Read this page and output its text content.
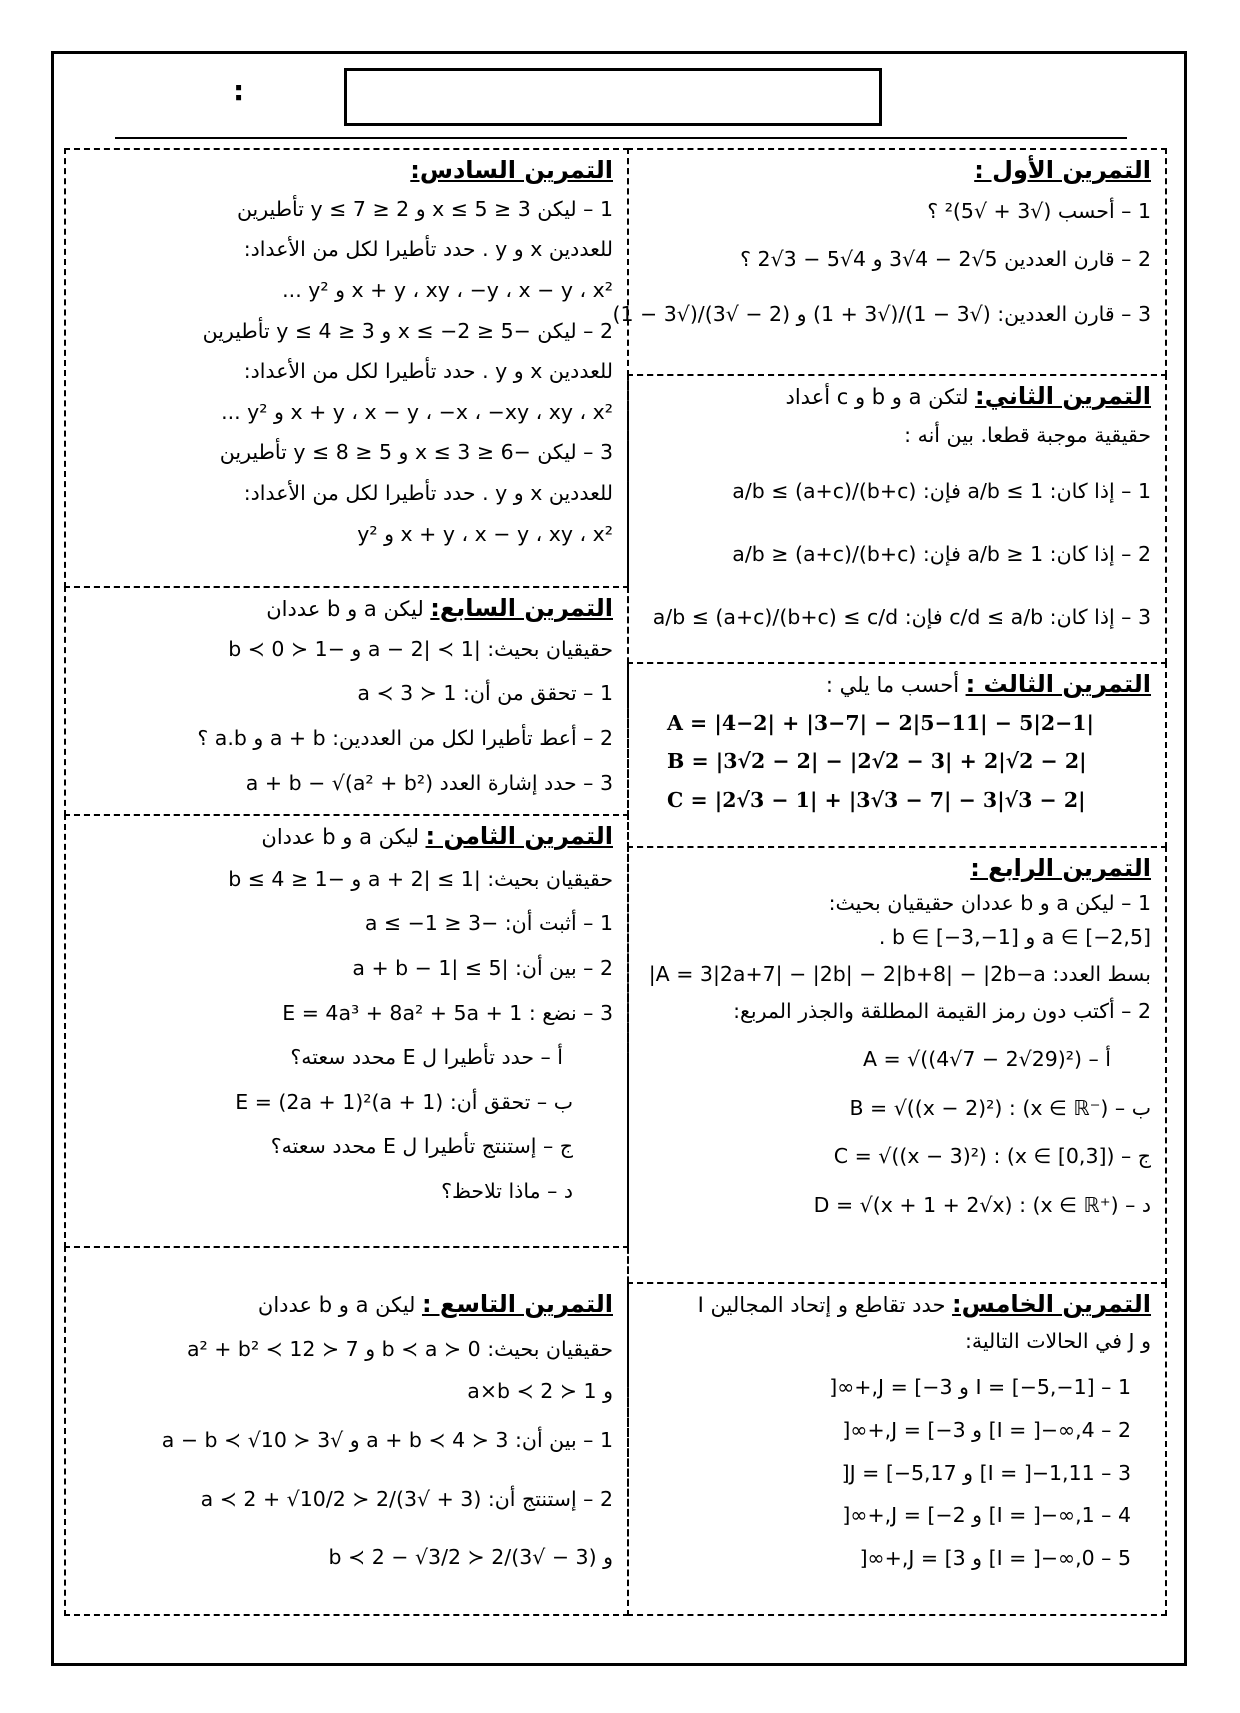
:

التمرين الأول :

1 – أحسب (√3 + √5)² ؟

2 – قارن العددين 5√2 − 4√3 و 4√5 − 3√2 ؟

3 – قارن العددين: (√3 − 1)/(√3 + 1) و (2 − √3)/(√3 − 1)

التمرين الثاني: لتكن a و b و c أعداد

حقيقية موجبة قطعا. بين أنه :

1 – إذا كان: a/b ≤ 1 فإن: a/b ≤ (a+c)/(b+c)

2 – إذا كان: a/b ≥ 1 فإن: a/b ≥ (a+c)/(b+c)

3 – إذا كان: c/d ≤ a/b فإن: a/b ≤ (a+c)/(b+c) ≤ c/d

التمرين الثالث : أحسب ما يلي :

A = |4−2| + |3−7| − 2|5−11| − 5|2−1|

B = |3√2 − 2| − |2√2 − 3| + 2|√2 − 2|

C = |2√3 − 1| + |3√3 − 7| − 3|√3 − 2|

التمرين الرابع :

1 – ليكن a و b عددان حقيقيان بحيث:

a ∈ [−2,5] و b ∈ [−3,−1] .

بسط العدد: A = 3|2a+7| − |2b| − 2|b+8| − |2b−a|

2 – أكتب دون رمز القيمة المطلقة والجذر المربع:

أ – A = √((4√7 − 2√29)²)

ب – B = √((x − 2)²) : (x ∈ ℝ⁻)

ج – C = √((x − 3)²) : (x ∈ [0,3])

د – D = √(x + 1 + 2√x) : (x ∈ ℝ⁺)

التمرين الخامس: حدد تقاطع و إتحاد المجالين I

و J في الحالات التالية:

1 – I = [−5,−1] و J = [−3,+∞[

2 – I = ]−∞,4] و J = [−3,+∞[

3 – I = ]−1,11] و J = [−5,17[

4 – I = ]−∞,1] و J = [−2,+∞[

5 – I = ]−∞,0] و J = [3,+∞[

التمرين السادس:

1 – ليكن 3 ≤ x ≤ 5 و 2 ≤ y ≤ 7 تأطيرين

للعددين x و y . حدد تأطيرا لكل من الأعداد:

x + y ، xy ، −y ، x − y ، x² و y² ...

2 – ليكن −5 ≤ x ≤ −2 و 3 ≤ y ≤ 4 تأطيرين

للعددين x و y . حدد تأطيرا لكل من الأعداد:

x + y ، x − y ، −x ، −xy ، xy ، x² و y² ...

3 – ليكن −6 ≤ x ≤ 3 و 5 ≤ y ≤ 8 تأطيرين

للعددين x و y . حدد تأطيرا لكل من الأعداد:

x + y ، x − y ، xy ، x² و y²

التمرين السابع: ليكن a و b عددان

حقيقيان بحيث: |a − 2| ≺ 1 و −1 ≺ b ≺ 0

1 – تحقق من أن: 1 ≺ a ≺ 3

2 – أعط تأطيرا لكل من العددين: a + b و a.b ؟

3 – حدد إشارة العدد a + b − √(a² + b²)

التمرين الثامن : ليكن a و b عددان

حقيقيان بحيث: |a + 2| ≤ 1 و −1 ≤ b ≤ 4

1 – أثبت أن: −3 ≤ a ≤ −1

2 – بين أن: |a + b − 1| ≤ 5

3 – نضع : E = 4a³ + 8a² + 5a + 1

أ – حدد تأطيرا ل E محدد سعته؟

ب – تحقق أن: E = (2a + 1)²(a + 1)

ج – إستنتج تأطيرا ل E محدد سعته؟

د – ماذا تلاحظ؟

التمرين التاسع : ليكن a و b عددان

حقيقيان بحيث: 0 ≺ b ≺ a و 7 ≺ a² + b² ≺ 12

و 1 ≺ a×b ≺ 2

1 – بين أن: 3 ≺ a + b ≺ 4 و √3 ≺ a − b ≺ √10

2 – إستنتج أن: (3 + √3)/2 ≺ a ≺ 2 + √10/2

و (3 − √3)/2 ≺ b ≺ 2 − √3/2
